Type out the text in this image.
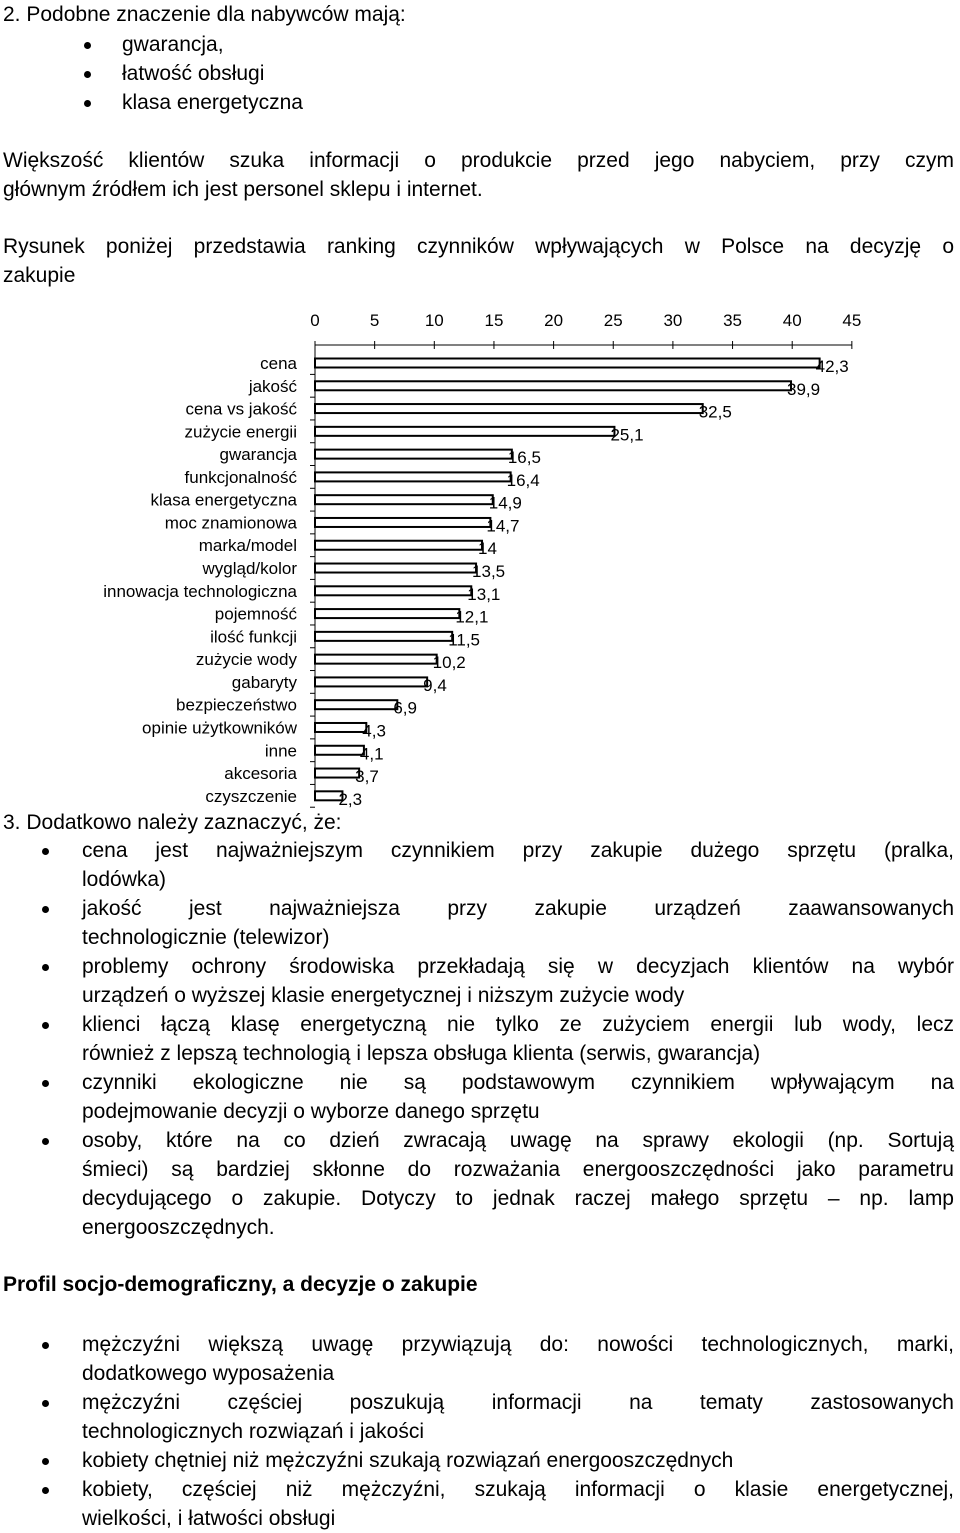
2. Podobne znaczenie dla nabywców mają:
gwarancja,
łatwość obsługi
klasa energetyczna
Większość klientów szuka informacji o produkcie przed jego nabyciem, przy czym
głównym źródłem ich jest personel sklepu i internet.
Rysunek poniżej przedstawia ranking czynników wpływających w Polsce na decyzję o
zakupie
0	5	10 15 20 25 30 35 40 45
cena
jakość
cena vs jakość
zużycie energii
gwarancja
funkcjonalność
klasa energetyczna
moc znamionowa
marka/model
wygląd/kolor
innowacja technologiczna
pojemność
ilość funkcji
zużycie wody
gabaryty
bezpieczeństwo
opinie użytkowników
inne
akcesoria
czyszczenie
42,3
39,9
32,5
25,1
16,5
16,4
14,9
14,7
14
13,5
13,1
12,1
11,5
10,2
9,4
6,9
4,3
4,1
3,7
2,3
3. Dodatkowo należy zaznaczyć, że:
cena jest najważniejszym czynnikiem przy zakupie dużego sprzętu (pralka,
lodówka)
jakość jest najważniejsza przy zakupie urządzeń zaawansowanych
technologicznie (telewizor)
problemy ochrony środowiska przekładają się w decyzjach klientów na wybór
urządzeń o wyższej klasie energetycznej i niższym zużycie wody
klienci łączą klasę energetyczną nie tylko ze zużyciem energii lub wody, lecz
również z lepszą technologią i lepsza obsługa klienta (serwis, gwarancja)
czynniki ekologiczne nie są podstawowym czynnikiem wpływającym na
podejmowanie decyzji o wyborze danego sprzętu
osoby, które na co dzień zwracają uwagę na sprawy ekologii (np. Sortują
śmieci) są bardziej skłonne do rozważania energooszczędności jako parametru
decydującego o zakupie. Dotyczy to jednak raczej małego sprzętu – np. lamp
energooszczędnych.
Profil socjo-demograficzny, a decyzje o zakupie
mężczyźni większą uwagę przywiązują do: nowości technologicznych, marki,
dodatkowego wyposażenia
mężczyźni częściej poszukują informacji na tematy zastosowanych
technologicznych rozwiązań i jakości
kobiety chętniej niż mężczyźni szukają rozwiązań energooszczędnych
kobiety, częściej niż mężczyźni, szukają informacji o klasie energetycznej,
wielkości, i łatwości obsługi
